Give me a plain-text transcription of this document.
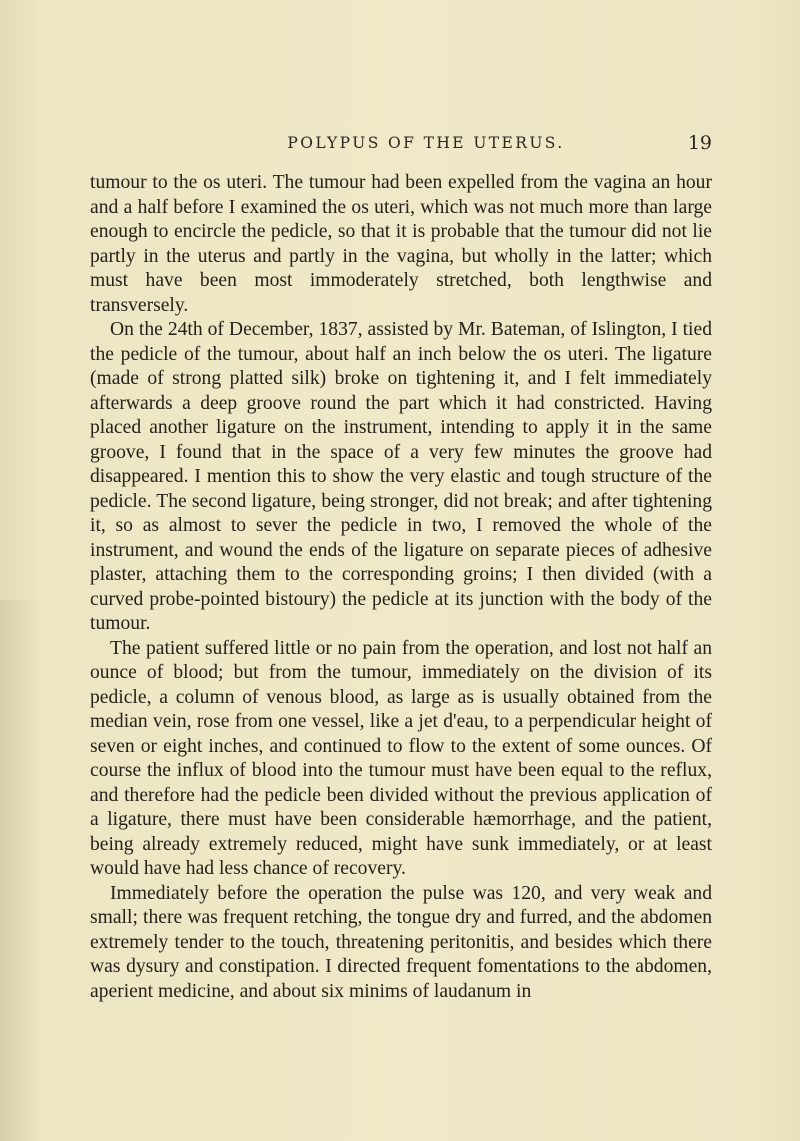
POLYPUS OF THE UTERUS.	19

tumour to the os uteri. The tumour had been expelled from the vagina an hour and a half before I examined the os uteri, which was not much more than large enough to encircle the pedicle, so that it is probable that the tumour did not lie partly in the uterus and partly in the vagina, but wholly in the latter; which must have been most immoderately stretched, both lengthwise and transversely.

On the 24th of December, 1837, assisted by Mr. Bateman, of Islington, I tied the pedicle of the tumour, about half an inch below the os uteri. The ligature (made of strong platted silk) broke on tightening it, and I felt immediately afterwards a deep groove round the part which it had constricted. Having placed another ligature on the instrument, intending to apply it in the same groove, I found that in the space of a very few minutes the groove had disappeared. I mention this to show the very elastic and tough structure of the pedicle. The second ligature, being stronger, did not break; and after tightening it, so as almost to sever the pedicle in two, I removed the whole of the instrument, and wound the ends of the ligature on separate pieces of adhesive plaster, attaching them to the corresponding groins; I then divided (with a curved probe-pointed bistoury) the pedicle at its junction with the body of the tumour.

The patient suffered little or no pain from the operation, and lost not half an ounce of blood; but from the tumour, immediately on the division of its pedicle, a column of venous blood, as large as is usually obtained from the median vein, rose from one vessel, like a jet d'eau, to a perpendicular height of seven or eight inches, and continued to flow to the extent of some ounces. Of course the influx of blood into the tumour must have been equal to the reflux, and therefore had the pedicle been divided without the previous application of a ligature, there must have been considerable hæmorrhage, and the patient, being already extremely reduced, might have sunk immediately, or at least would have had less chance of recovery.

Immediately before the operation the pulse was 120, and very weak and small; there was frequent retching, the tongue dry and furred, and the abdomen extremely tender to the touch, threatening peritonitis, and besides which there was dysury and constipation. I directed frequent fomentations to the abdomen, aperient medicine, and about six minims of laudanum in
